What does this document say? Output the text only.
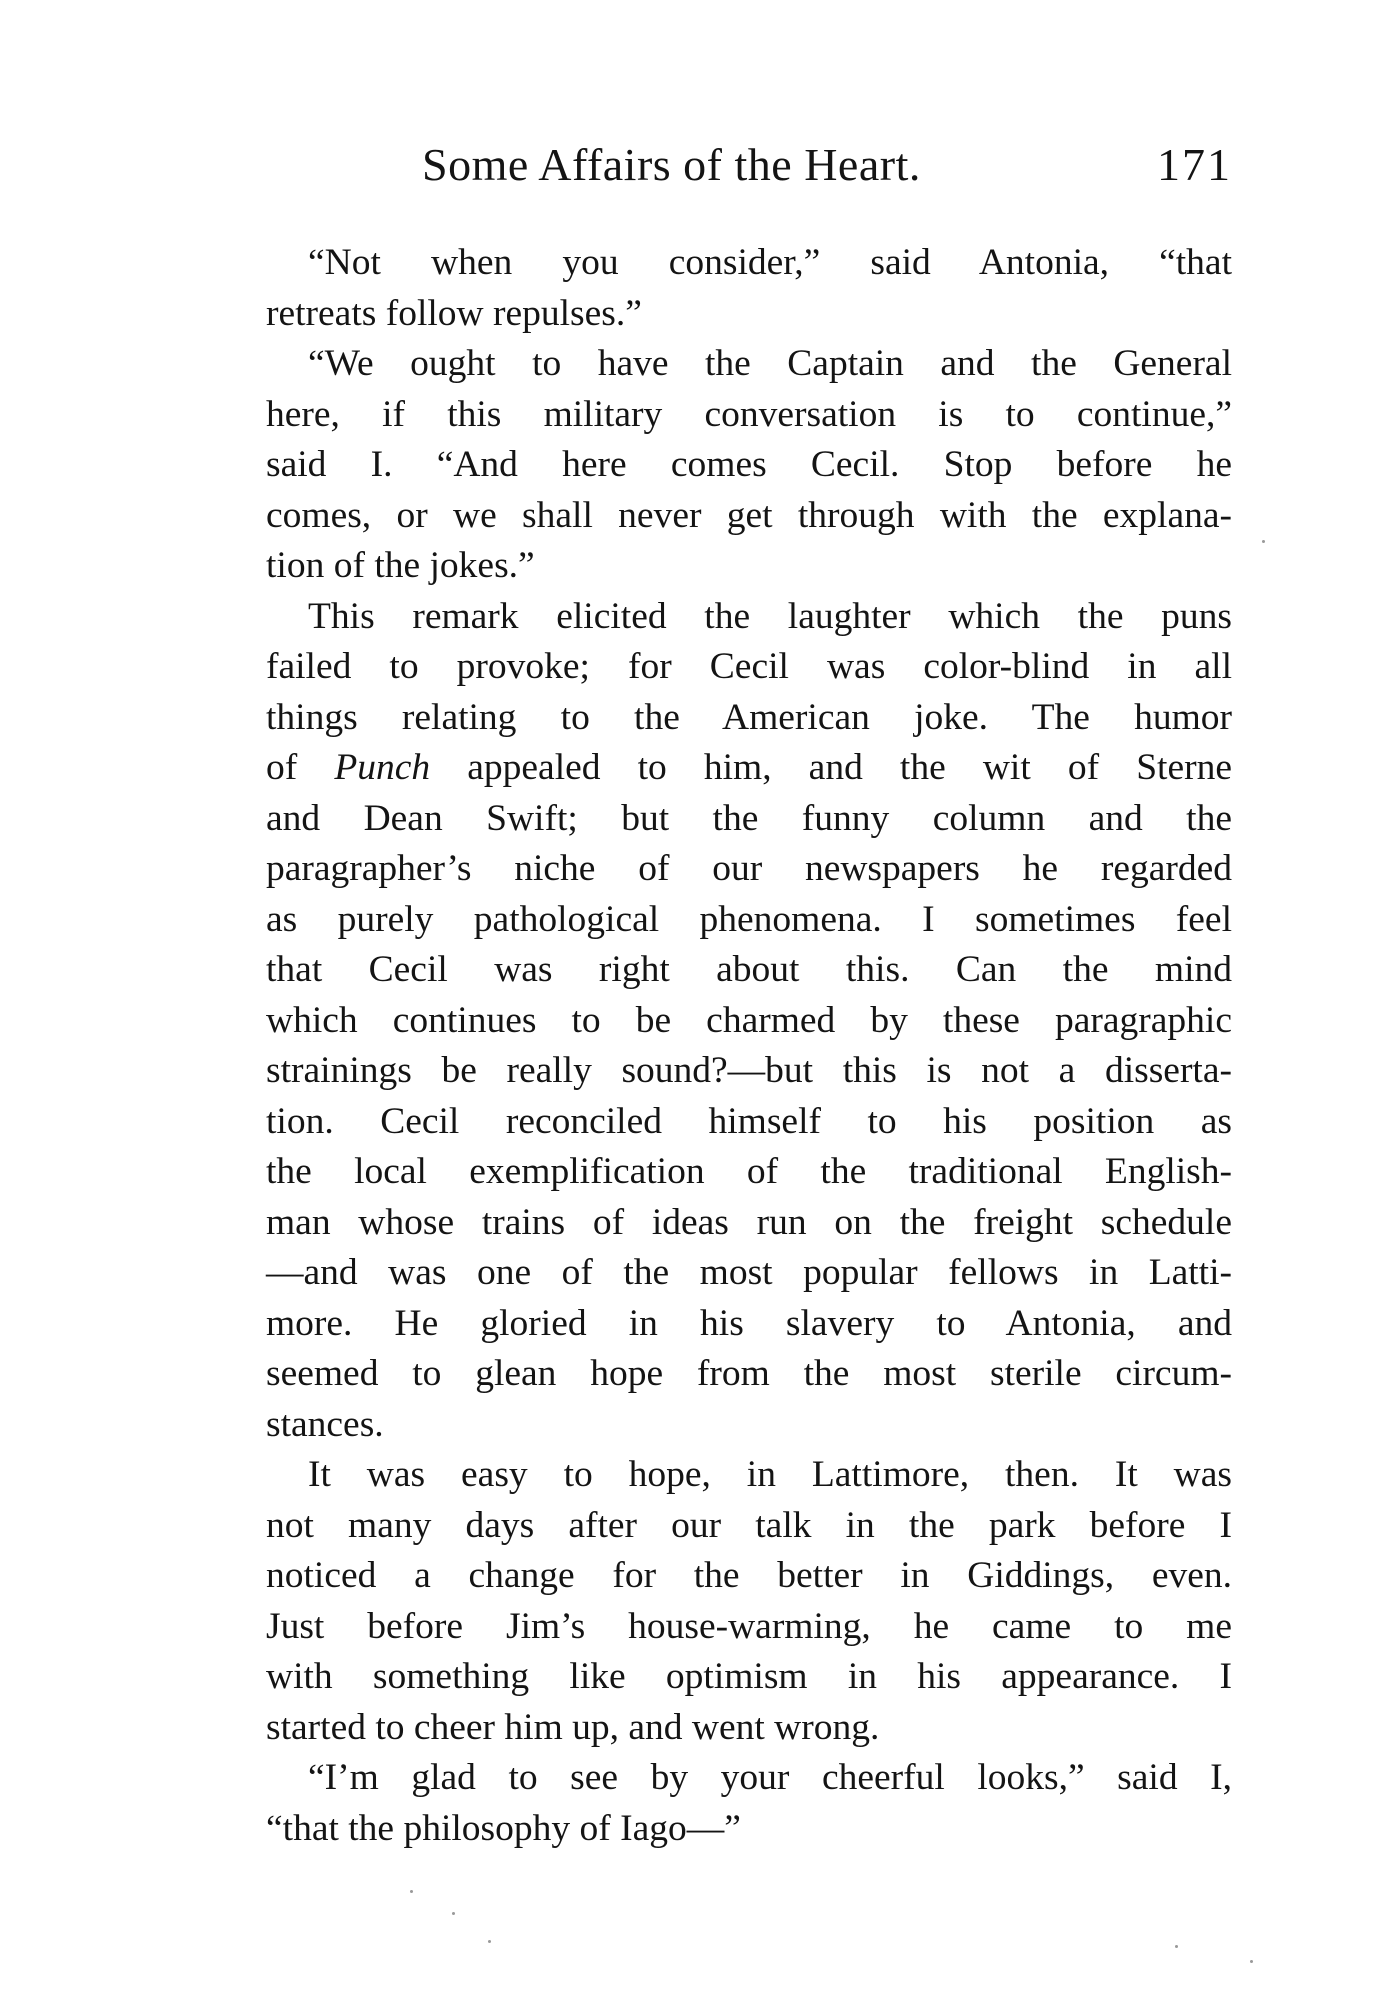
Some Affairs of the Heart.	171
“Not when you consider,” said Antonia, “that
retreats follow repulses.”
“We ought to have the Captain and the General
here, if this military conversation is to continue,”
said I. “And here comes Cecil. Stop before he
comes, or we shall never get through with the explana-
tion of the jokes.”
This remark elicited the laughter which the puns
failed to provoke; for Cecil was color-blind in all
things relating to the American joke. The humor
of Punch appealed to him, and the wit of Sterne
and Dean Swift; but the funny column and the
paragrapher’s niche of our newspapers he regarded
as purely pathological phenomena. I sometimes feel
that Cecil was right about this. Can the mind
which continues to be charmed by these paragraphic
strainings be really sound?—but this is not a disserta-
tion. Cecil reconciled himself to his position as
the local exemplification of the traditional English-
man whose trains of ideas run on the freight schedule
—and was one of the most popular fellows in Latti-
more. He gloried in his slavery to Antonia, and
seemed to glean hope from the most sterile circum-
stances.
It was easy to hope, in Lattimore, then. It was
not many days after our talk in the park before I
noticed a change for the better in Giddings, even.
Just before Jim’s house-warming, he came to me
with something like optimism in his appearance. I
started to cheer him up, and went wrong.
“I’m glad to see by your cheerful looks,” said I,
“that the philosophy of Iago—”
